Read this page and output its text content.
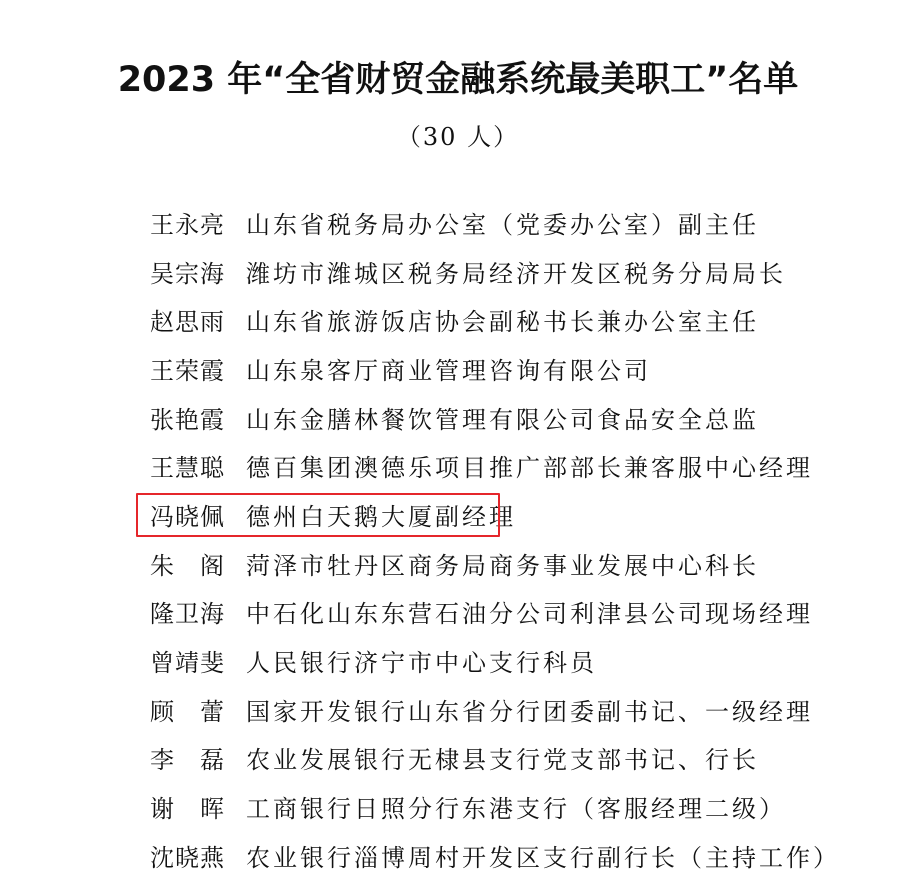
2023 年“全省财贸金融系统最美职工”名单
（30 人）
王永亮 山东省税务局办公室（党委办公室）副主任
吴宗海 潍坊市潍城区税务局经济开发区税务分局局长
赵思雨 山东省旅游饭店协会副秘书长兼办公室主任
王荣霞 山东泉客厅商业管理咨询有限公司
张艳霞 山东金膳林餐饮管理有限公司食品安全总监
王慧聪 德百集团澳德乐项目推广部部长兼客服中心经理
冯晓佩 德州白天鹅大厦副经理
朱　阁 菏泽市牡丹区商务局商务事业发展中心科长
隆卫海 中石化山东东营石油分公司利津县公司现场经理
曾靖斐 人民银行济宁市中心支行科员
顾　蕾 国家开发银行山东省分行团委副书记、一级经理
李　磊 农业发展银行无棣县支行党支部书记、行长
谢　晖 工商银行日照分行东港支行（客服经理二级）
沈晓燕 农业银行淄博周村开发区支行副行长（主持工作）
